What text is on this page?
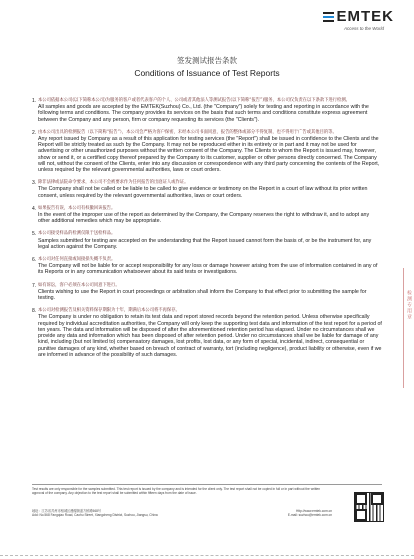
EMTEK
Access to the World
签发测试报告条款
Conditions of Issuance of Test Reports
1. 本公司依据本公司(以下简称本公司)为服务的客户或者代表客户的个人、公司或者其他法人等测试报告(以下简称“报告”)服务，本公司仅负责在以下条款下进行检测。
All samples and goods are accepted by the EMTEK(Suzhou) Co., Ltd. (the "Company") solely for testing and reporting in accordance with the following terms and conditions. The company provides its services on the basis that such terms and conditions constitute express agreement between the Company and any person, firm or company requesting its services (the "Clients").
2. 由本公司出具的检测报告（以下简称“报告”），本公司会严格为客户保密，未经本公司书面同意，报告的整体或部分不得复制，也不得用于广告或其他目的等。
Any report issued by Company as a result of this application for testing services (the "Report") shall be issued in confidence to the Clients and the Report will be strictly treated as such by the Company. It may not be reproduced either in its entirety or in part and it may not be used for advertising or other unauthorized purposes without the written consent of the Company. The Clients to whom the Report is issued may, however, show or send it, or a certified copy thereof prepared by the Company to its customer, supplier or other persons directly concerned. The Company will not, without the consent of the Clients, enter into any discussion or correspondence with any third party concerning the contents of the Report, unless required by the relevant governmental authorities, laws or court orders.
3. 除非法律或法院命令要求，本公司不会被要求作为任何报告的出庭证人或作证。
The Company shall not be called or be liable to be called to give evidence or testimony on the Report in a court of law without its prior written consent, unless required by the relevant governmental authorities, laws or court orders.
4. 如果报告有误，本公司有权撤回该报告。
In the event of the improper use of the report as determined by the Company, the Company reserves the right to withdraw it, and to adopt any other additional remedies which may be appropriate.
5. 本公司接受样品的检测仅限于送检样品。
Samples submitted for testing are accepted on the understanding that the Report issued cannot form the basis of, or be the instrument for, any legal action against the Company.
6. 本公司对任何直接或间接损失概不负责。
The Company will not be liable for or accept responsibility for any loss or damage however arising from the use of information contained in any of its Reports or in any communication whatsoever about its said tests or investigations.
7. 如有诉讼，客户必须在本公司同意下进行。
Clients wishing to use the Report in court proceedings or arbitration shall inform the Company to that effect prior to submitting the sample for testing.
8. 本公司对检测报告及相关资料保存期限为十年，期满后本公司将不再保存。
The Company is under no obligation to retain its test data and report stored records beyond the retention period. Unless otherwise specifically required by individual accreditation authorities, the Company will only keep the supporting test data and information of the test report for a period of ten years. The data and information will be disposed of after the aforementioned retention period has elapsed. Under no circumstances shall we provide any data and information which has been disposed of after retention period. Under no circumstances shall we be liable for damage of any kind, including (but not limited to) compensatory damages, lost profits, lost data, or any form of special, incidental, indirect, consequential or punitive damages of any kind, whether based on breach of contract of warranty, tort (including negligence), product liability or otherwise, even if we are informed in advance of the possibility of such damages.
检测专用章
Test results are only responsible for the samples submitted. This test report is issued by the company and is intended for the client only. The test report shall not be copied in full or in part without the written approval of the company. Any objection to the test report shall be submitted within fifteen days from the date of issue.
地址：江苏省苏州市相城区漕湖街道方桥路568号	Http://www.emtek.com.cn
Add: No.568 Fangqiao Road, Caohu Street, Xiangcheng District, Suzhou, Jiangsu, China	E-mail: suzhou@emtek.com.cn
